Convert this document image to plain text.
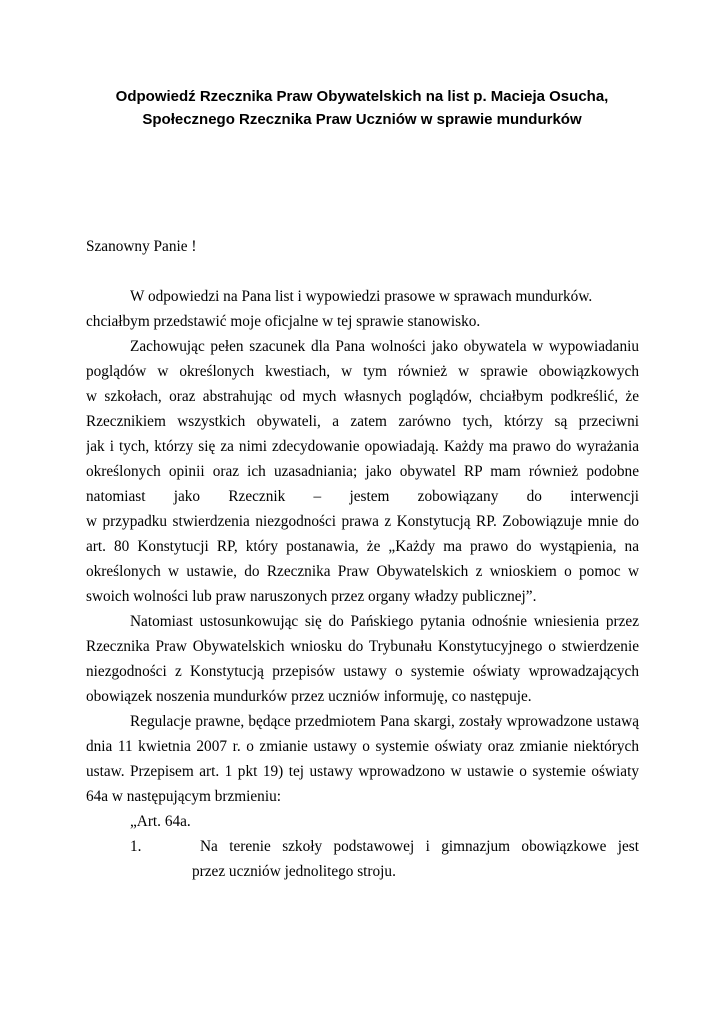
Odpowiedź Rzecznika Praw Obywatelskich na list p. Macieja Osucha,
Społecznego Rzecznika Praw Uczniów w sprawie mundurków
Szanowny Panie !
W odpowiedzi na Pana list i wypowiedzi prasowe w sprawach mundurków.
chciałbym przedstawić moje oficjalne w tej sprawie stanowisko.
Zachowując pełen szacunek dla Pana wolności jako obywatela w wypowiadaniu
poglądów w określonych kwestiach, w tym również w sprawie obowiązkowych
w szkołach, oraz abstrahując od mych własnych poglądów, chciałbym podkreślić, że
Rzecznikiem wszystkich obywateli, a zatem zarówno tych, którzy są przeciwni
jak i tych, którzy się za nimi zdecydowanie opowiadają. Każdy ma prawo do wyrażania
określonych opinii oraz ich uzasadniania; jako obywatel RP mam również podobne
natomiast jako Rzecznik – jestem zobowiązany do interwencji
w przypadku stwierdzenia niezgodności prawa z Konstytucją RP. Zobowiązuje mnie do
art. 80 Konstytucji RP, który postanawia, że „Każdy ma prawo do wystąpienia, na
określonych w ustawie, do Rzecznika Praw Obywatelskich z wnioskiem o pomoc w
swoich wolności lub praw naruszonych przez organy władzy publicznej”.
Natomiast ustosunkowując się do Pańskiego pytania odnośnie wniesienia przez
Rzecznika Praw Obywatelskich wniosku do Trybunału Konstytucyjnego o stwierdzenie
niezgodności z Konstytucją przepisów ustawy o systemie oświaty wprowadzających
obowiązek noszenia mundurków przez uczniów informuję, co następuje.
Regulacje prawne, będące przedmiotem Pana skargi, zostały wprowadzone ustawą
dnia 11 kwietnia 2007 r. o zmianie ustawy o systemie oświaty oraz zmianie niektórych
ustaw. Przepisem art. 1 pkt 19) tej ustawy wprowadzono w ustawie o systemie oświaty
64a w następującym brzmieniu:
„Art. 64a.
1.	Na terenie szkoły podstawowej i gimnazjum obowiązkowe jest
przez uczniów jednolitego stroju.
